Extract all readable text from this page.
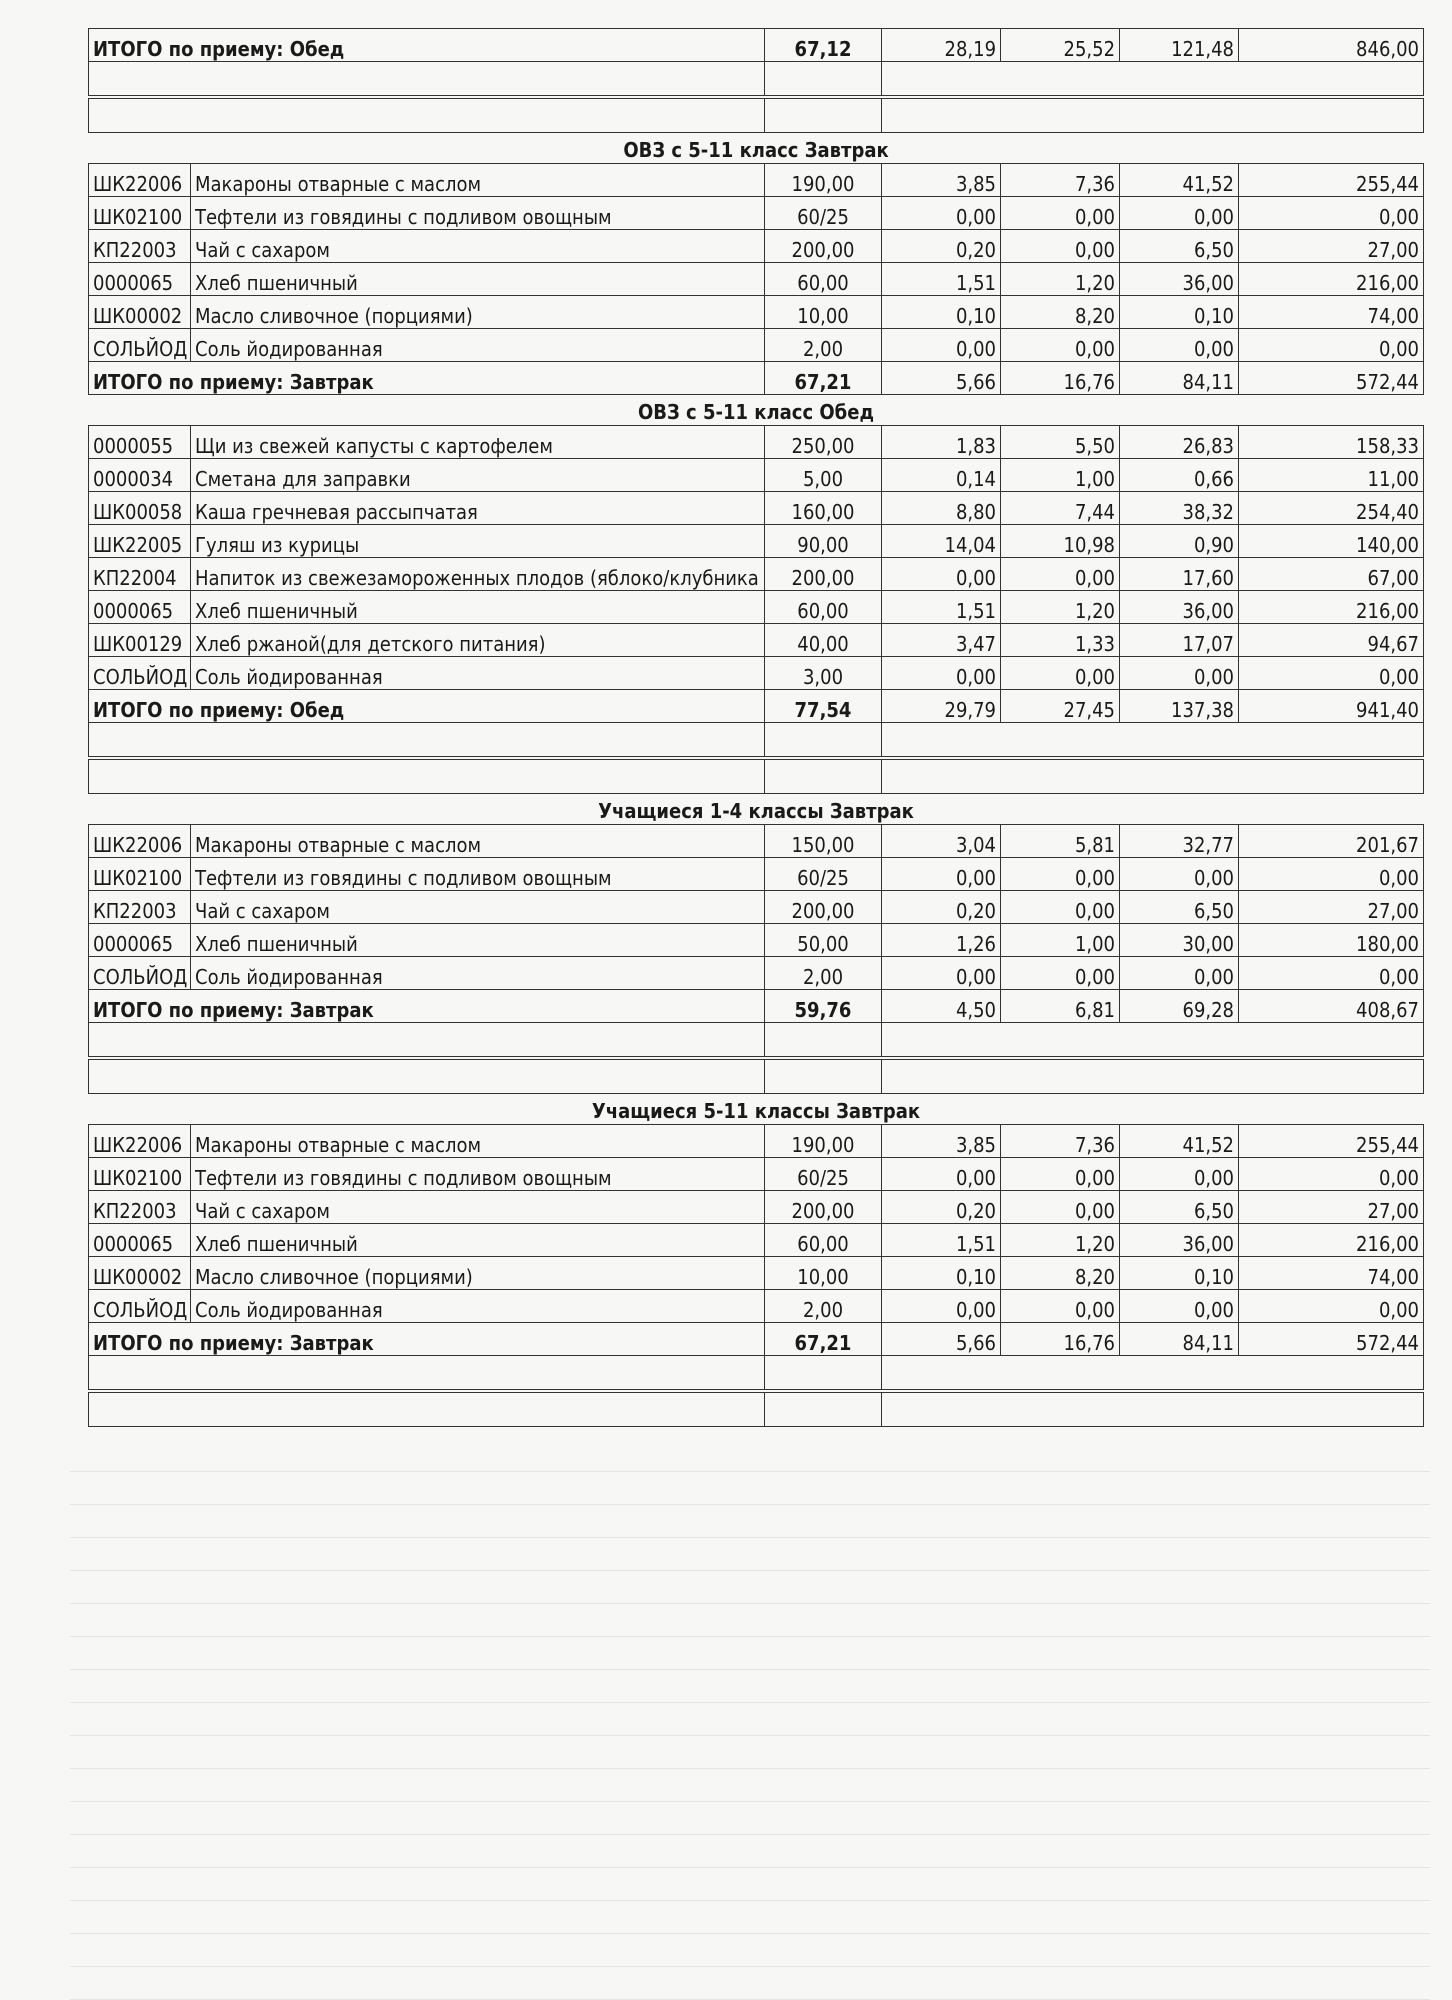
ИТОГО по приему: Обед	67,12	28,19	25,52	121,48	846,00

ОВЗ с 5-11 класс Завтрак
ШК22006	Макароны отварные с маслом	190,00	3,85	7,36	41,52	255,44
ШК02100	Тефтели из говядины с подливом овощным	60/25	0,00	0,00	0,00	0,00
КП22003	Чай с сахаром	200,00	0,20	0,00	6,50	27,00
0000065	Хлеб пшеничный	60,00	1,51	1,20	36,00	216,00
ШК00002	Масло сливочное (порциями)	10,00	0,10	8,20	0,10	74,00
СОЛЬЙОД	Соль йодированная	2,00	0,00	0,00	0,00	0,00
ИТОГО по приему: Завтрак		67,21	5,66	16,76	84,11	572,44
ОВЗ с 5-11 класс Обед
0000055	Щи из свежей капусты с картофелем	250,00	1,83	5,50	26,83	158,33
0000034	Сметана для заправки	5,00	0,14	1,00	0,66	11,00
ШК00058	Каша гречневая рассыпчатая	160,00	8,80	7,44	38,32	254,40
ШК22005	Гуляш из курицы	90,00	14,04	10,98	0,90	140,00
КП22004	Напиток из свежезамороженных плодов (яблоко/клубника	200,00	0,00	0,00	17,60	67,00
0000065	Хлеб пшеничный	60,00	1,51	1,20	36,00	216,00
ШК00129	Хлеб ржаной(для детского питания)	40,00	3,47	1,33	17,07	94,67
СОЛЬЙОД	Соль йодированная	3,00	0,00	0,00	0,00	0,00
ИТОГО по приему: Обед		77,54	29,79	27,45	137,38	941,40

Учащиеся 1-4 классы Завтрак
ШК22006	Макароны отварные с маслом	150,00	3,04	5,81	32,77	201,67
ШК02100	Тефтели из говядины с подливом овощным	60/25	0,00	0,00	0,00	0,00
КП22003	Чай с сахаром	200,00	0,20	0,00	6,50	27,00
0000065	Хлеб пшеничный	50,00	1,26	1,00	30,00	180,00
СОЛЬЙОД	Соль йодированная	2,00	0,00	0,00	0,00	0,00
ИТОГО по приему: Завтрак		59,76	4,50	6,81	69,28	408,67

Учащиеся 5-11 классы Завтрак
ШК22006	Макароны отварные с маслом	190,00	3,85	7,36	41,52	255,44
ШК02100	Тефтели из говядины с подливом овощным	60/25	0,00	0,00	0,00	0,00
КП22003	Чай с сахаром	200,00	0,20	0,00	6,50	27,00
0000065	Хлеб пшеничный	60,00	1,51	1,20	36,00	216,00
ШК00002	Масло сливочное (порциями)	10,00	0,10	8,20	0,10	74,00
СОЛЬЙОД	Соль йодированная	2,00	0,00	0,00	0,00	0,00
ИТОГО по приему: Завтрак		67,21	5,66	16,76	84,11	572,44
